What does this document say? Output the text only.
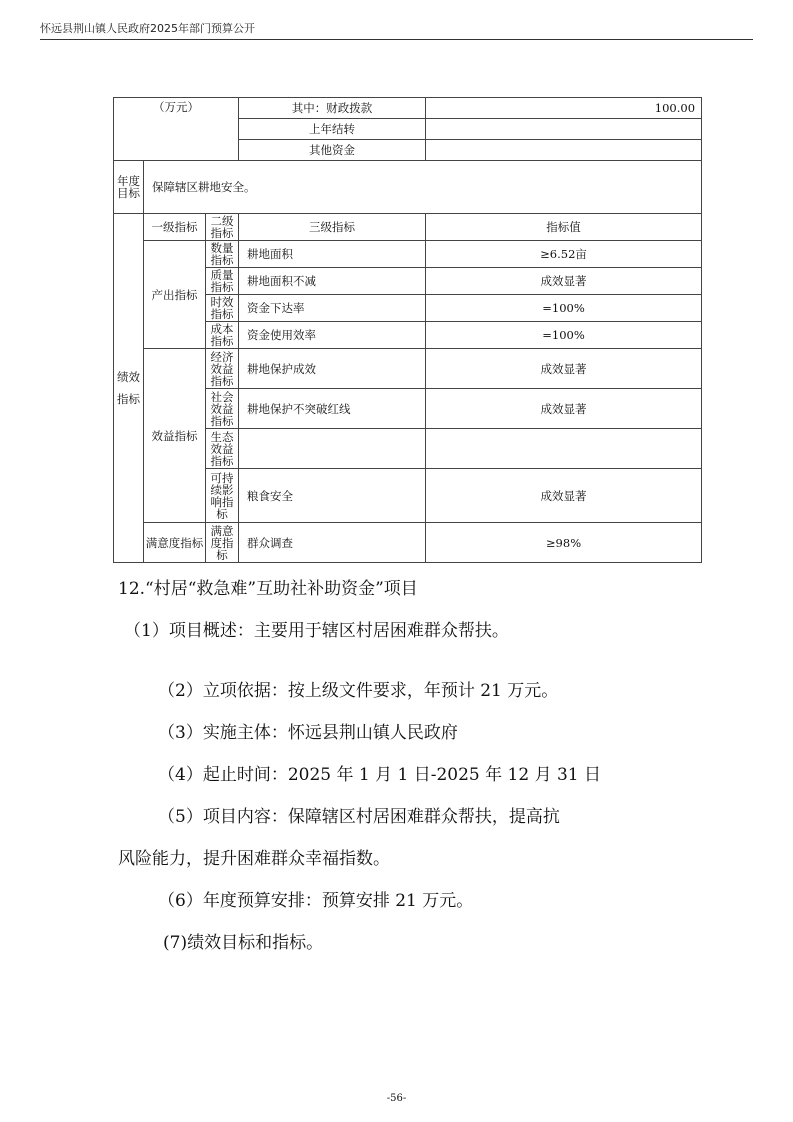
怀远县荆山镇人民政府2025年部门预算公开
（万元）			其中：财政拨款	100.00
			上年结转	
			其他资金	
年度目标	保障辖区耕地安全。			
绩效指标	一级指标	二级指标	三级指标	指标值
	产出指标	数量指标	耕地面积	≥6.52亩
		质量指标	耕地面积不减	成效显著
		时效指标	资金下达率	=100%
		成本指标	资金使用效率	=100%
	效益指标	经济效益指标	耕地保护成效	成效显著
		社会效益指标	耕地保护不突破红线	成效显著
		生态效益指标		
		可持续影响指标	粮食安全	成效显著
	满意度指标	满意度指标	群众调查	≥98%
12.“村居“救急难”互助社补助资金”项目
（1）项目概述：主要用于辖区村居困难群众帮扶。
（2）立项依据：按上级文件要求，年预计 21 万元。
（3）实施主体：怀远县荆山镇人民政府
（4）起止时间：2025 年 1 月 1 日-2025 年 12 月 31 日
（5）项目内容：保障辖区村居困难群众帮扶，提高抗
风险能力，提升困难群众幸福指数。
（6）年度预算安排：预算安排 21 万元。
(7)绩效目标和指标。
-56-
